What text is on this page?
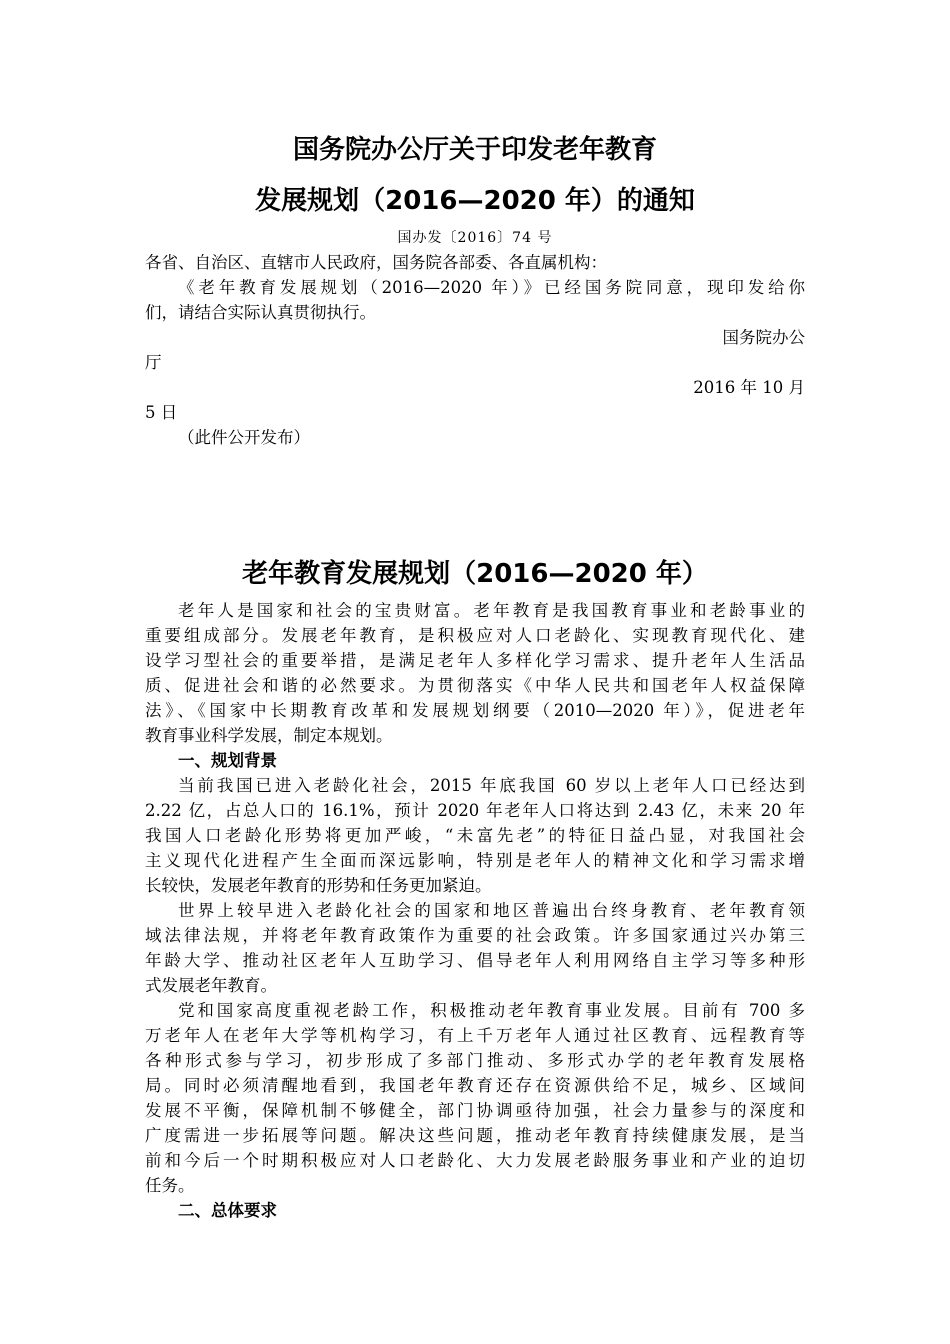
国务院办公厅关于印发老年教育
发展规划（2016—2020 年）的通知
国办发〔2016〕74 号
各省、自治区、直辖市人民政府，国务院各部委、各直属机构：
《老年教育发展规划（2016—2020 年）》已经国务院同意，现印发给你
们，请结合实际认真贯彻执行。
国务院办公
厅
2016 年 10 月
5 日
（此件公开发布）
老年教育发展规划（2016—2020 年）
老年人是国家和社会的宝贵财富。老年教育是我国教育事业和老龄事业的
重要组成部分。发展老年教育，是积极应对人口老龄化、实现教育现代化、建
设学习型社会的重要举措，是满足老年人多样化学习需求、提升老年人生活品
质、促进社会和谐的必然要求。为贯彻落实《中华人民共和国老年人权益保障
法》、《国家中长期教育改革和发展规划纲要（2010—2020 年）》，促进老年
教育事业科学发展，制定本规划。
一、规划背景
当前我国已进入老龄化社会，2015 年底我国 60 岁以上老年人口已经达到
2.22 亿，占总人口的 16.1%，预计 2020 年老年人口将达到 2.43 亿，未来 20 年
我国人口老龄化形势将更加严峻，“未富先老”的特征日益凸显，对我国社会
主义现代化进程产生全面而深远影响，特别是老年人的精神文化和学习需求增
长较快，发展老年教育的形势和任务更加紧迫。
世界上较早进入老龄化社会的国家和地区普遍出台终身教育、老年教育领
域法律法规，并将老年教育政策作为重要的社会政策。许多国家通过兴办第三
年龄大学、推动社区老年人互助学习、倡导老年人利用网络自主学习等多种形
式发展老年教育。
党和国家高度重视老龄工作，积极推动老年教育事业发展。目前有 700 多
万老年人在老年大学等机构学习，有上千万老年人通过社区教育、远程教育等
各种形式参与学习，初步形成了多部门推动、多形式办学的老年教育发展格
局。同时必须清醒地看到，我国老年教育还存在资源供给不足，城乡、区域间
发展不平衡，保障机制不够健全，部门协调亟待加强，社会力量参与的深度和
广度需进一步拓展等问题。解决这些问题，推动老年教育持续健康发展，是当
前和今后一个时期积极应对人口老龄化、大力发展老龄服务事业和产业的迫切
任务。
二、总体要求
